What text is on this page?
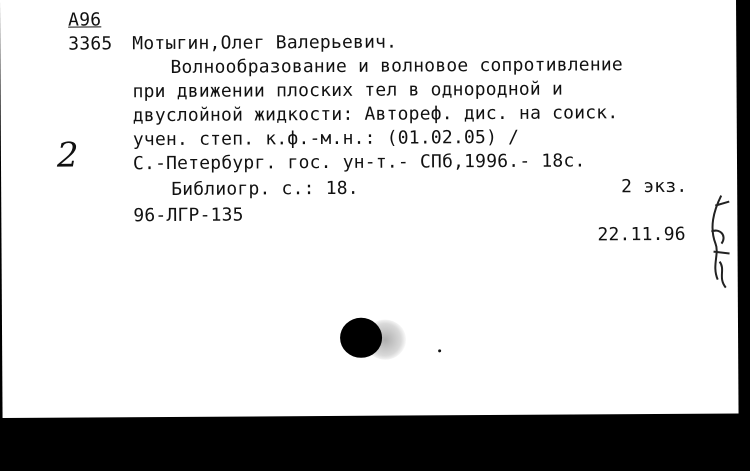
А96
3365 Мотыгин,Олег Валерьевич.
Волнообразование и волновое сопротивление
при движении плоских тел в однородной и
двуслойной жидкости: Автореф. дис. на соиск.
учен. степ. к.ф.-м.н.: (01.02.05) /
С.-Петербург. гос. ун-т.- СПб,1996.- 18с.
Библиогр. с.: 18.	2 экз.
96-ЛГР-135
22.11.96
2
